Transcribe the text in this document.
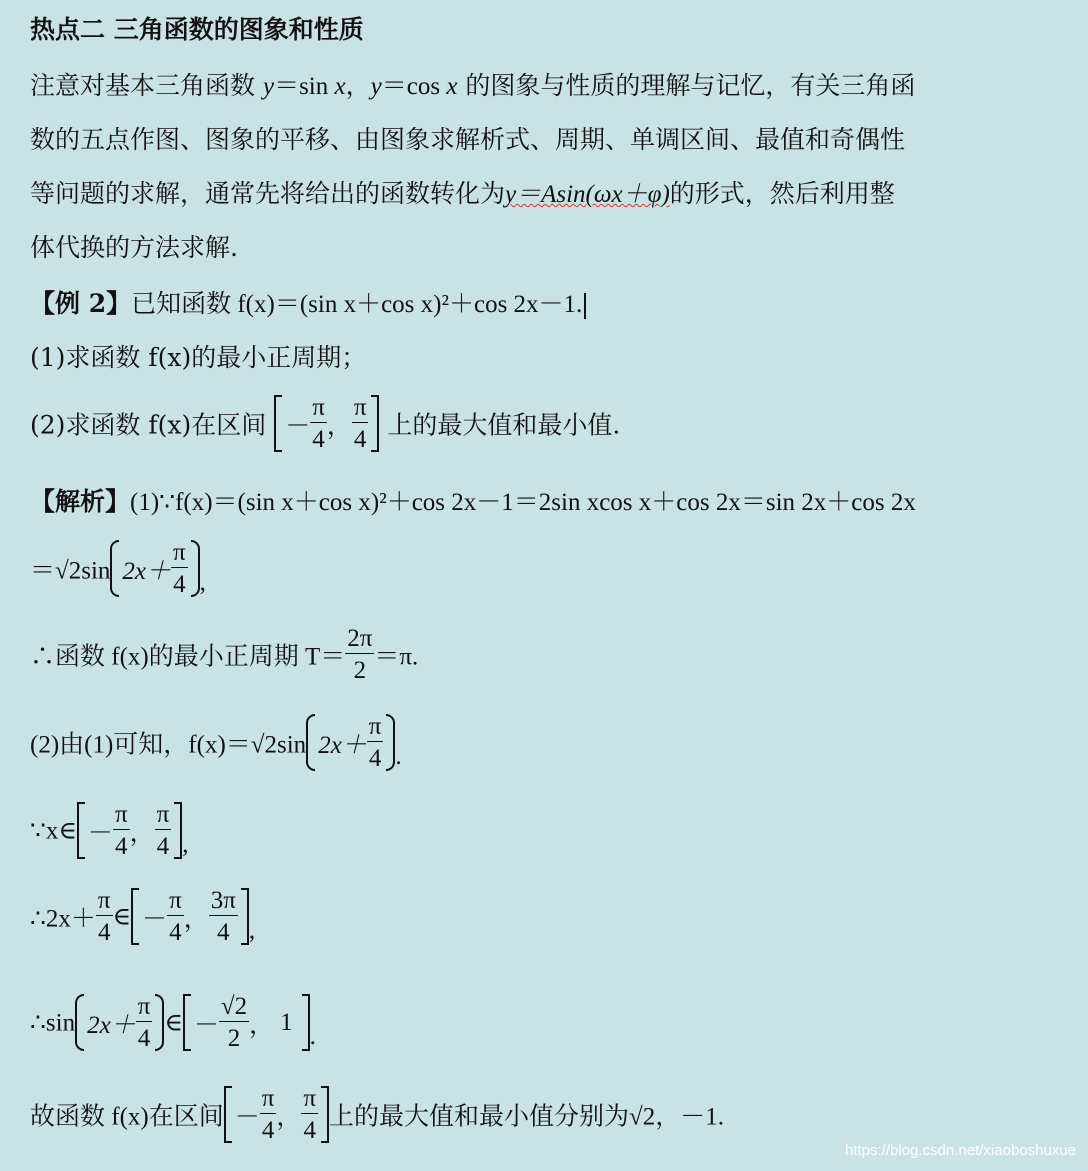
热点二 三角函数的图象和性质
注意对基本三角函数 y＝sin x，y＝cos x 的图象与性质的理解与记忆，有关三角函
数的五点作图、图象的平移、由图象求解析式、周期、单调区间、最值和奇偶性
等问题的求解，通常先将给出的函数转化为y＝Asin(ωx＋φ)的形式，然后利用整
体代换的方法求解.
【例 2】已知函数 f(x)＝(sin x＋cos x)²＋cos 2x－1.
(1)求函数 f(x)的最小正周期；
(2)求函数 f(x)在区间 － $\frac{\pi}{4}$ ， $\frac{\pi}{4}$ 上的最大值和最小值.
【解析】(1)∵f(x)＝(sin x＋cos x)²＋cos 2x－1＝2sin xcos x＋cos 2x＝sin 2x＋cos 2x
＝√2sin $2x+ \frac{\pi}{4}$ ,
∴函数 f(x)的最小正周期 $T= \frac{2\pi}{2} =\pi$.
(2)由(1)可知，f(x)＝√2sin $2x+ \frac{\pi}{4}$ .
∵x∈ － $\frac{\pi}{4}$ ， $\frac{\pi}{4}$ ,
∴2x＋ $\frac{\pi}{4}$ ∈ － $\frac{\pi}{4}$ ， $\frac{3\pi}{4}$ ,
∴sin $2x+ \frac{\pi}{4}$ ∈ － $\frac{√2}{2}$ ， 1
.
故函数 f(x)在区间 － $\frac{\pi}{4}$ ， $\frac{\pi}{4}$ 上的最大值和最小值分别为√2，－1.
https://blog.csdn.net/xiaoboshuxue
